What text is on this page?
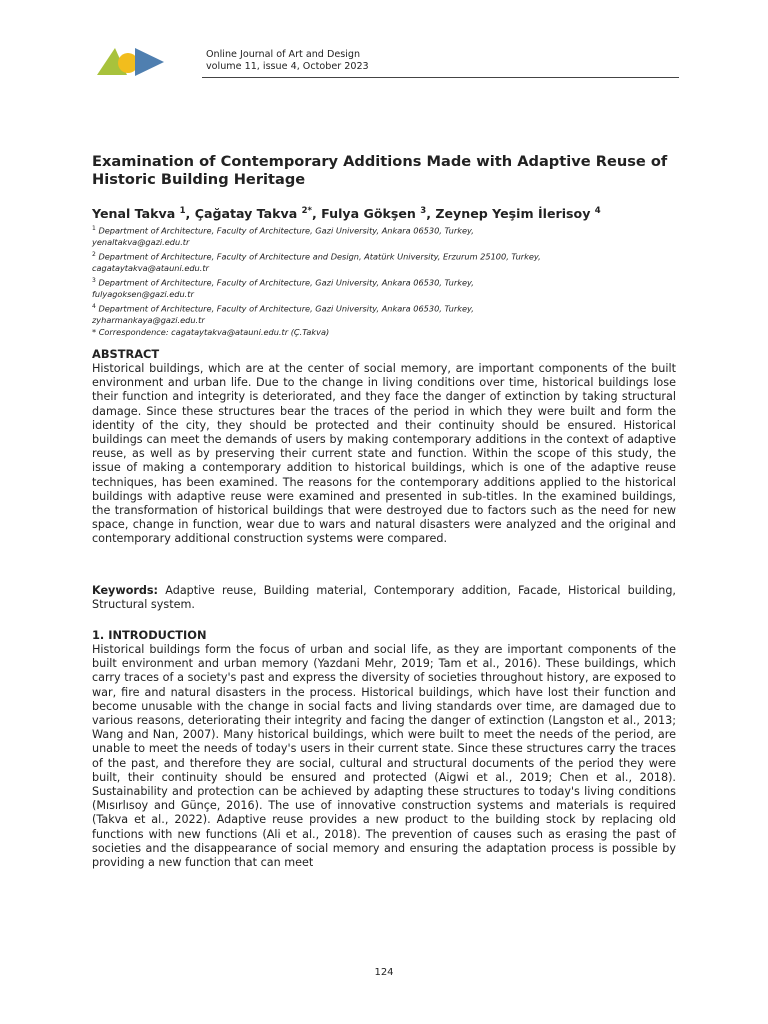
Online Journal of Art and Design
volume 11, issue 4, October 2023
Examination of Contemporary Additions Made with Adaptive Reuse of Historic Building Heritage
Yenal Takva $^1$, Çağatay Takva $^{2*}$, Fulya Gökşen $^3$, Zeynep Yeşim İlerisoy $^4$
$^1$ Department of Architecture, Faculty of Architecture, Gazi University, Ankara 06530, Turkey,
yenaltakva@gazi.edu.tr
$^2$ Department of Architecture, Faculty of Architecture and Design, Atatürk University, Erzurum 25100, Turkey,
cagataytakva@atauni.edu.tr
$^3$ Department of Architecture, Faculty of Architecture, Gazi University, Ankara 06530, Turkey,
fulyagoksen@gazi.edu.tr
$^4$ Department of Architecture, Faculty of Architecture, Gazi University, Ankara 06530, Turkey,
zyharmankaya@gazi.edu.tr
* Correspondence: cagataytakva@atauni.edu.tr (Ç.Takva)
ABSTRACT
Historical buildings, which are at the center of social memory, are important components of the built environment and urban life. Due to the change in living conditions over time, historical buildings lose their function and integrity is deteriorated, and they face the danger of extinction by taking structural damage. Since these structures bear the traces of the period in which they were built and form the identity of the city, they should be protected and their continuity should be ensured. Historical buildings can meet the demands of users by making contemporary additions in the context of adaptive reuse, as well as by preserving their current state and function. Within the scope of this study, the issue of making a contemporary addition to historical buildings, which is one of the adaptive reuse techniques, has been examined. The reasons for the contemporary additions applied to the historical buildings with adaptive reuse were examined and presented in sub-titles. In the examined buildings, the transformation of historical buildings that were destroyed due to factors such as the need for new space, change in function, wear due to wars and natural disasters were analyzed and the original and contemporary additional construction systems were compared.
Keywords: Adaptive reuse, Building material, Contemporary addition, Facade, Historical building, Structural system.
1. INTRODUCTION
Historical buildings form the focus of urban and social life, as they are important components of the built environment and urban memory (Yazdani Mehr, 2019; Tam et al., 2016). These buildings, which carry traces of a society's past and express the diversity of societies throughout history, are exposed to war, fire and natural disasters in the process. Historical buildings, which have lost their function and become unusable with the change in social facts and living standards over time, are damaged due to various reasons, deteriorating their integrity and facing the danger of extinction (Langston et al., 2013; Wang and Nan, 2007). Many historical buildings, which were built to meet the needs of the period, are unable to meet the needs of today's users in their current state. Since these structures carry the traces of the past, and therefore they are social, cultural and structural documents of the period they were built, their continuity should be ensured and protected (Aigwi et al., 2019; Chen et al., 2018). Sustainability and protection can be achieved by adapting these structures to today's living conditions (Mısırlısoy and Günçe, 2016). The use of innovative construction systems and materials is required (Takva et al., 2022). Adaptive reuse provides a new product to the building stock by replacing old functions with new functions (Ali et al., 2018). The prevention of causes such as erasing the past of societies and the disappearance of social memory and ensuring the adaptation process is possible by providing a new function that can meet
124
